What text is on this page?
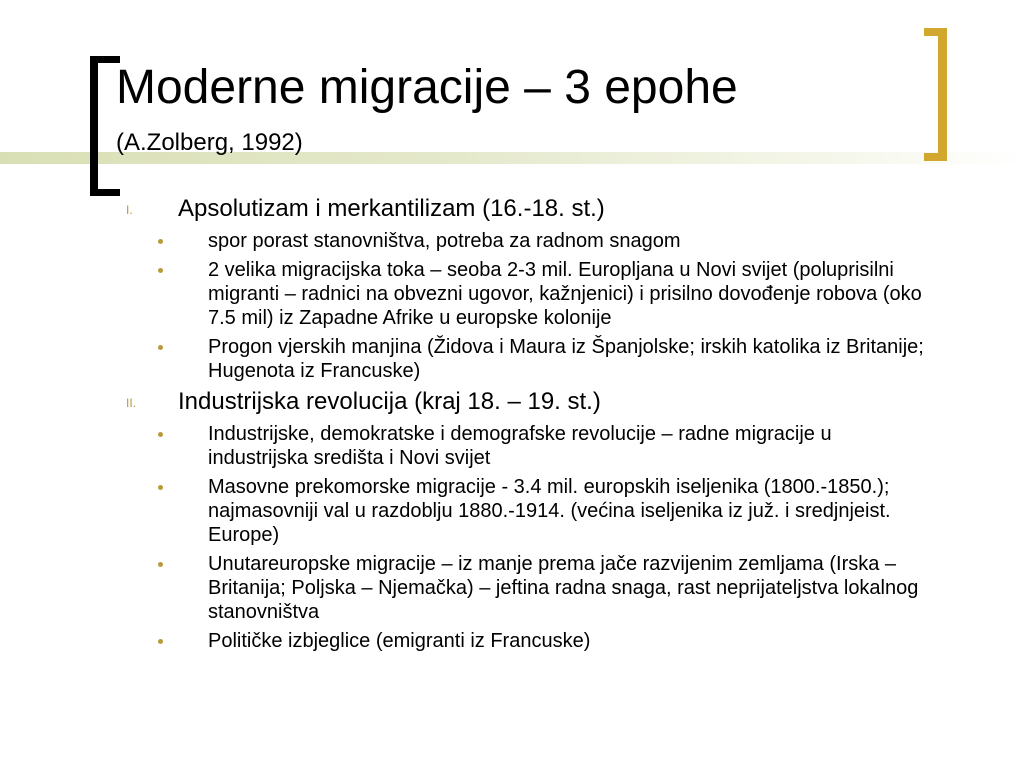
Moderne migracije – 3 epohe
(A.Zolberg, 1992)
I. Apsolutizam i merkantilizam (16.-18. st.)
spor porast stanovništva, potreba za radnom snagom
2 velika migracijska toka – seoba 2-3 mil. Europljana u Novi svijet (poluprisilni migranti – radnici na obvezni ugovor, kažnjenici) i prisilno dovođenje robova (oko 7.5 mil) iz Zapadne Afrike u europske kolonije
Progon vjerskih manjina (Židova i Maura iz Španjolske; irskih katolika iz Britanije; Hugenota iz Francuske)
II. Industrijska revolucija (kraj 18. – 19. st.)
Industrijske, demokratske i demografske revolucije – radne migracije u industrijska središta i Novi svijet
Masovne prekomorske migracije - 3.4 mil. europskih iseljenika (1800.-1850.); najmasovniji val u razdoblju 1880.-1914. (većina iseljenika iz juž. i sredjnjeist. Europe)
Unutareuropske migracije – iz manje prema jače razvijenim zemljama (Irska – Britanija; Poljska – Njemačka) – jeftina radna snaga, rast neprijateljstva lokalnog stanovništva
Političke izbjeglice (emigranti iz Francuske)
